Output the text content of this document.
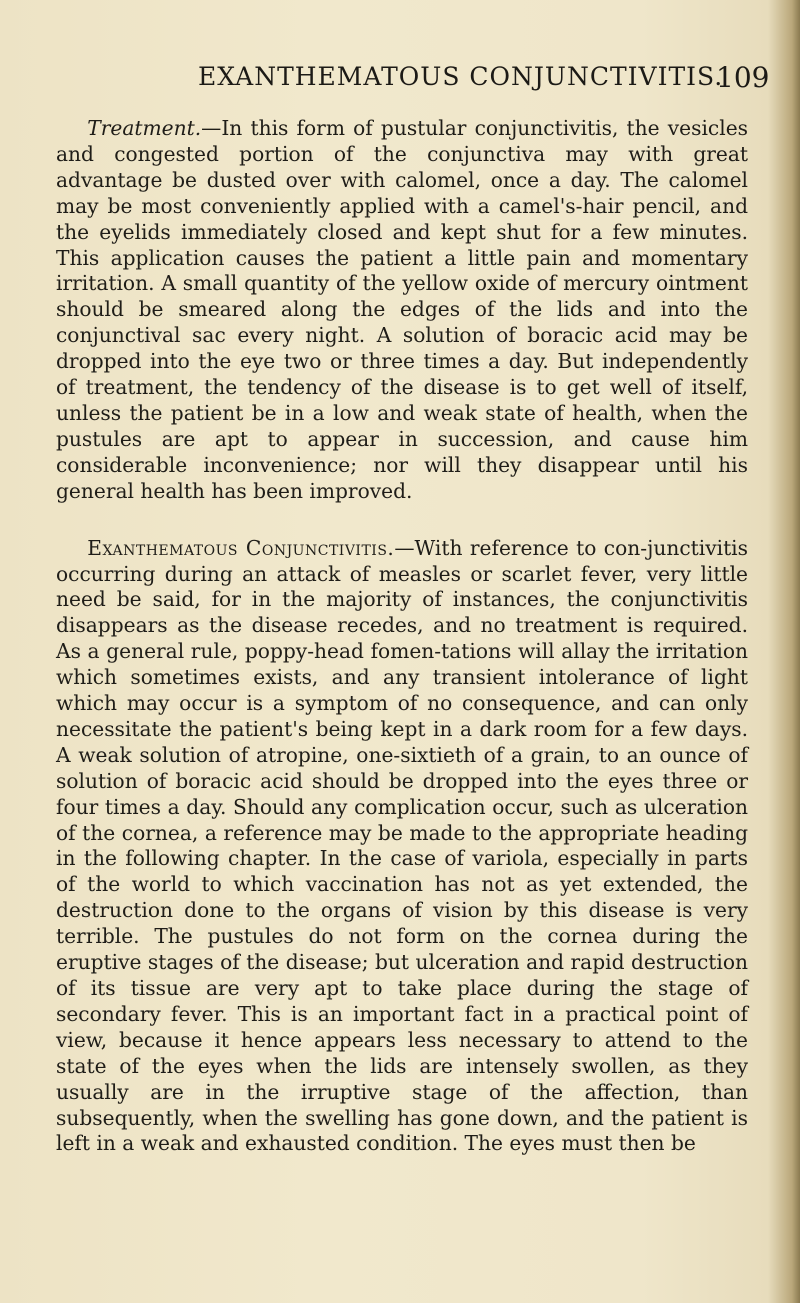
EXANTHEMATOUS CONJUNCTIVITIS.
109

Treatment.—In this form of pustular conjunctivitis, the vesicles and congested portion of the conjunctiva may with great advantage be dusted over with calomel, once a day. The calomel may be most conveniently applied with a camel's-hair pencil, and the eyelids immediately closed and kept shut for a few minutes. This application causes the patient a little pain and momentary irritation. A small quantity of the yellow oxide of mercury ointment should be smeared along the edges of the lids and into the conjunctival sac every night. A solution of boracic acid may be dropped into the eye two or three times a day. But independently of treatment, the tendency of the disease is to get well of itself, unless the patient be in a low and weak state of health, when the pustules are apt to appear in succession, and cause him considerable inconvenience; nor will they disappear until his general health has been improved.

Exanthematous Conjunctivitis.—With reference to con-junctivitis occurring during an attack of measles or scarlet fever, very little need be said, for in the majority of instances, the conjunctivitis disappears as the disease recedes, and no treatment is required. As a general rule, poppy-head fomen-tations will allay the irritation which sometimes exists, and any transient intolerance of light which may occur is a symptom of no consequence, and can only necessitate the patient's being kept in a dark room for a few days. A weak solution of atropine, one-sixtieth of a grain, to an ounce of solution of boracic acid should be dropped into the eyes three or four times a day. Should any complication occur, such as ulceration of the cornea, a reference may be made to the appropriate heading in the following chapter. In the case of variola, especially in parts of the world to which vaccination has not as yet extended, the destruction done to the organs of vision by this disease is very terrible. The pustules do not form on the cornea during the eruptive stages of the disease; but ulceration and rapid destruction of its tissue are very apt to take place during the stage of secondary fever. This is an important fact in a practical point of view, because it hence appears less necessary to attend to the state of the eyes when the lids are intensely swollen, as they usually are in the irruptive stage of the affection, than subsequently, when the swelling has gone down, and the patient is left in a weak and exhausted condition. The eyes must then be
